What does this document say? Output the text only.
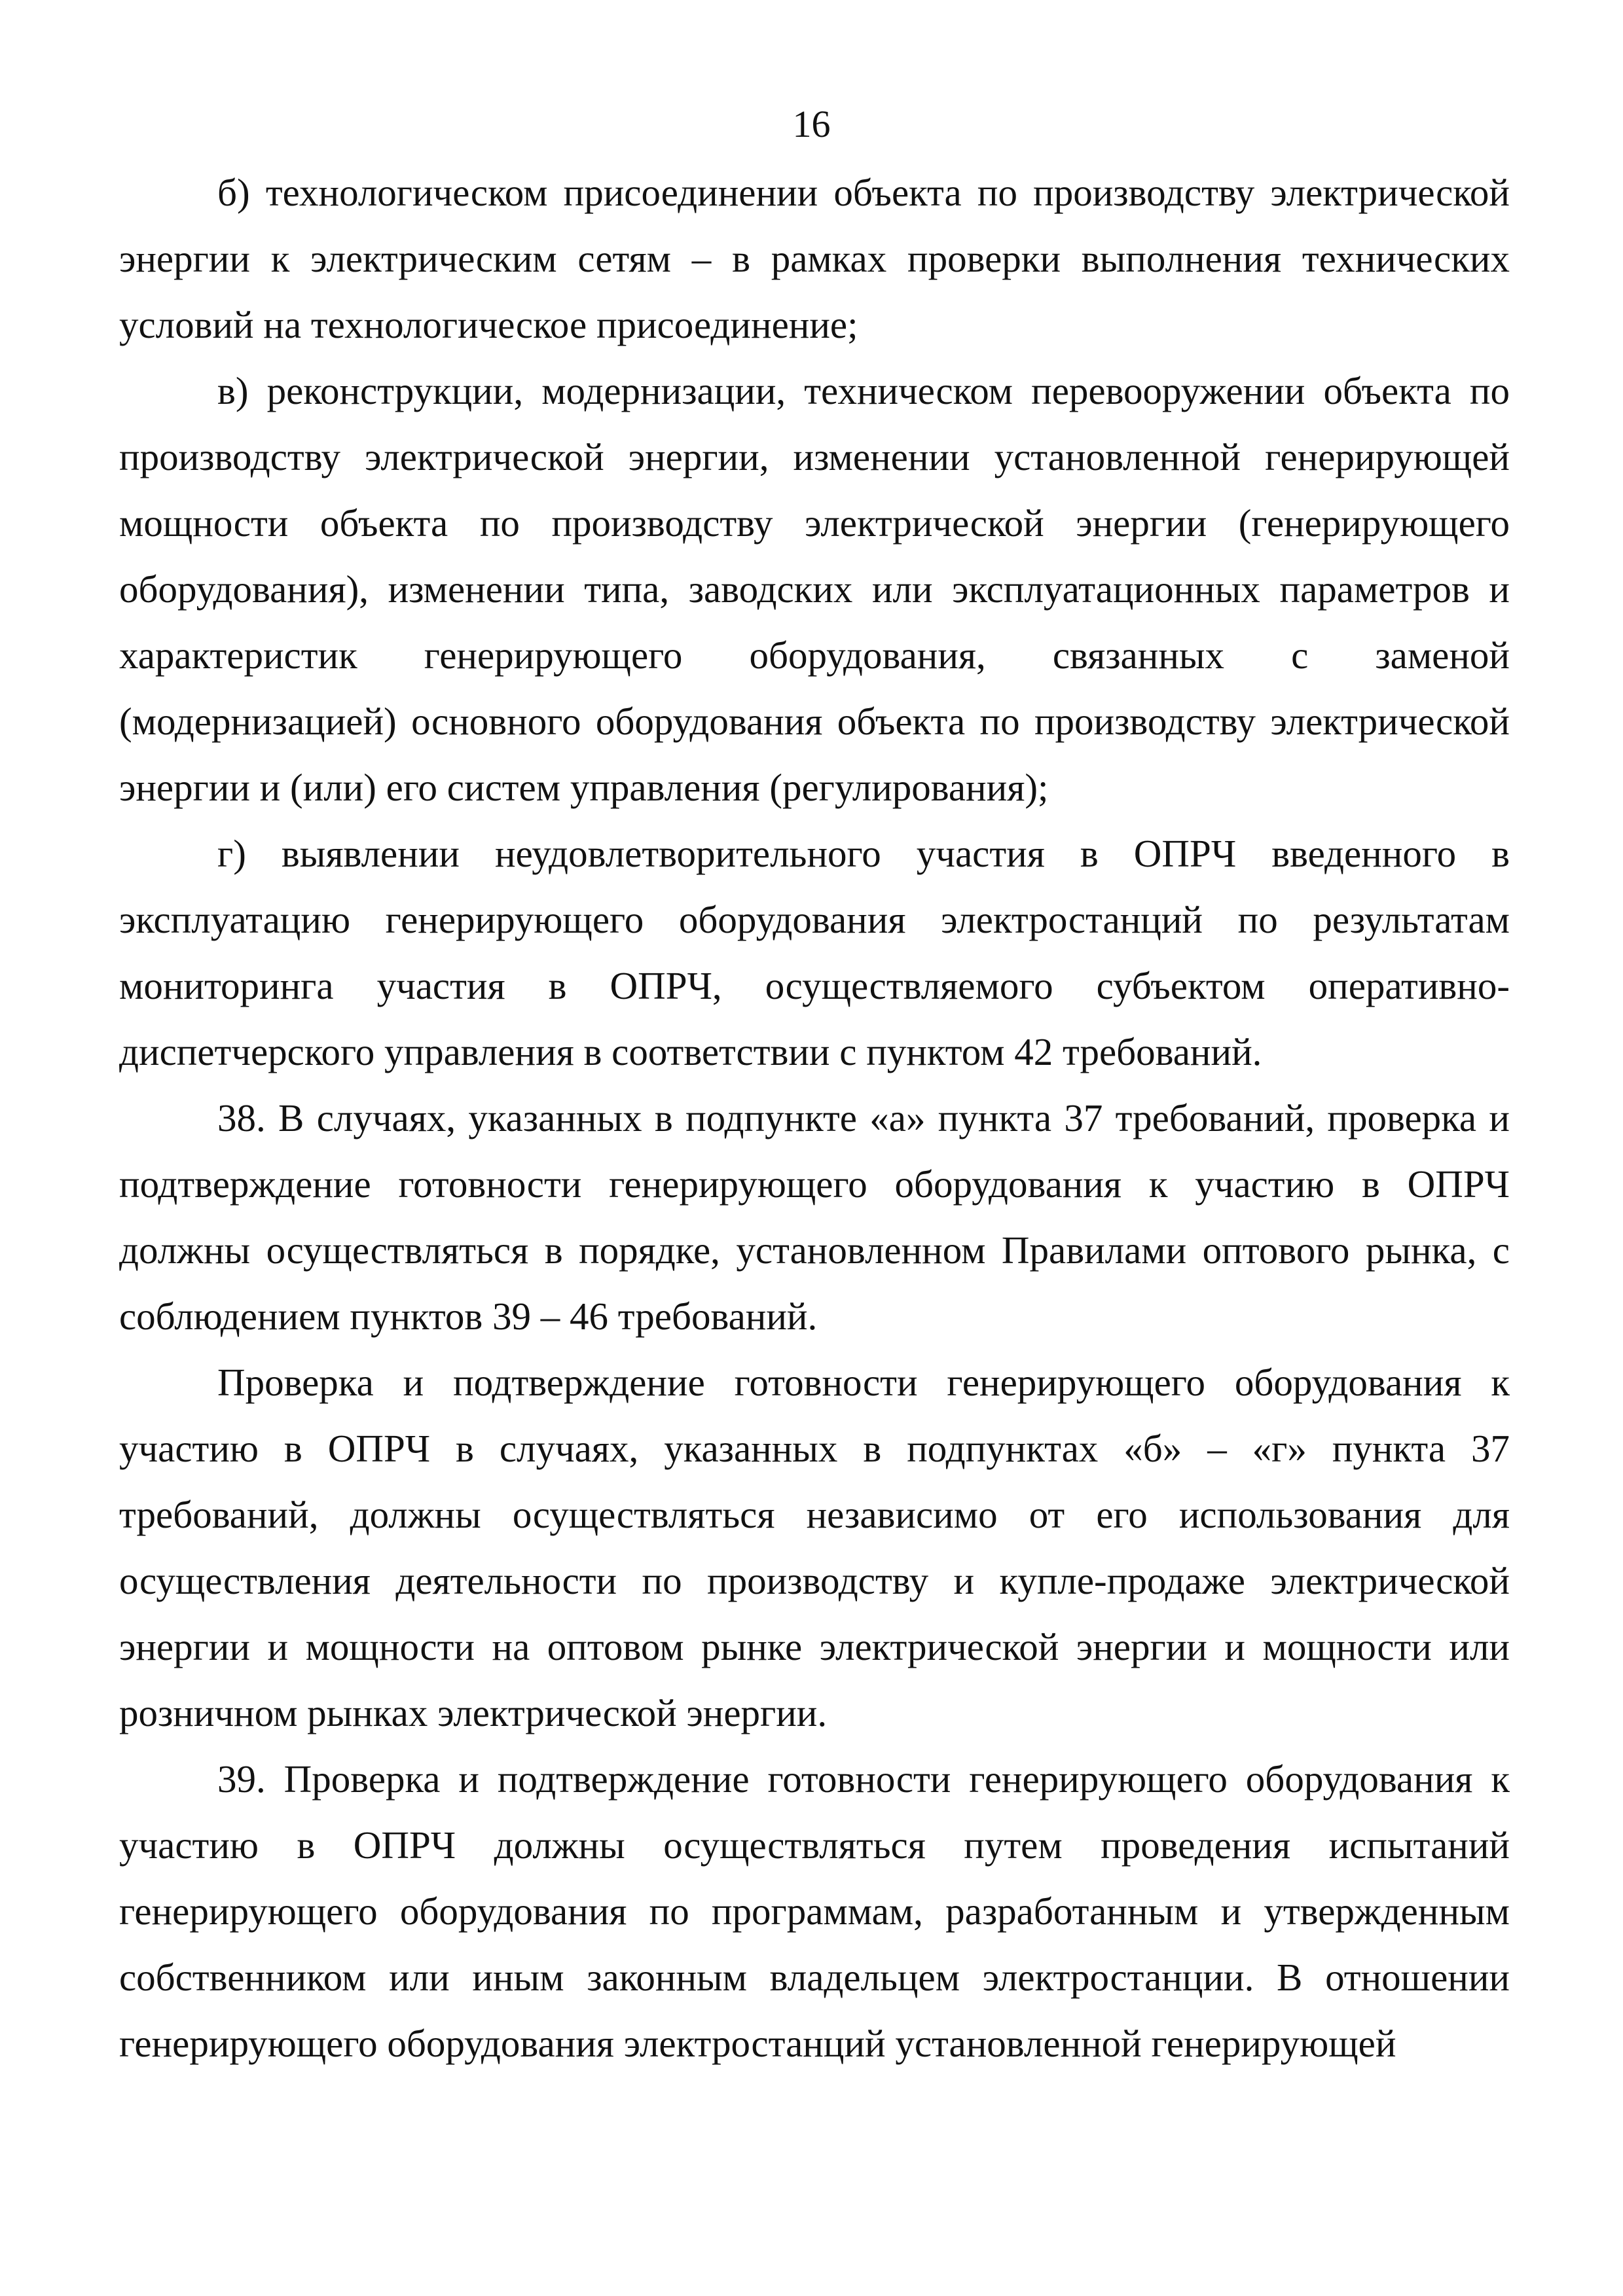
16

б) технологическом присоединении объекта по производству электрической энергии к электрическим сетям – в рамках проверки выполнения технических условий на технологическое присоединение;

в) реконструкции, модернизации, техническом перевооружении объекта по производству электрической энергии, изменении установленной генерирующей мощности объекта по производству электрической энергии (генерирующего оборудования), изменении типа, заводских или эксплуатационных параметров и характеристик генерирующего оборудования, связанных с заменой (модернизацией) основного оборудования объекта по производству электрической энергии и (или) его систем управления (регулирования);

г) выявлении неудовлетворительного участия в ОПРЧ введенного в эксплуатацию генерирующего оборудования электростанций по результатам мониторинга участия в ОПРЧ, осуществляемого субъектом оперативно-диспетчерского управления в соответствии с пунктом 42 требований.

38. В случаях, указанных в подпункте «а» пункта 37 требований, проверка и подтверждение готовности генерирующего оборудования к участию в ОПРЧ должны осуществляться в порядке, установленном Правилами оптового рынка, с соблюдением пунктов 39 – 46 требований.

Проверка и подтверждение готовности генерирующего оборудования к участию в ОПРЧ в случаях, указанных в подпунктах «б» – «г» пункта 37 требований, должны осуществляться независимо от его использования для осуществления деятельности по производству и купле-продаже электрической энергии и мощности на оптовом рынке электрической энергии и мощности или розничном рынках электрической энергии.

39. Проверка и подтверждение готовности генерирующего оборудования к участию в ОПРЧ должны осуществляться путем проведения испытаний генерирующего оборудования по программам, разработанным и утвержденным собственником или иным законным владельцем электростанции. В отношении генерирующего оборудования электростанций установленной генерирующей
